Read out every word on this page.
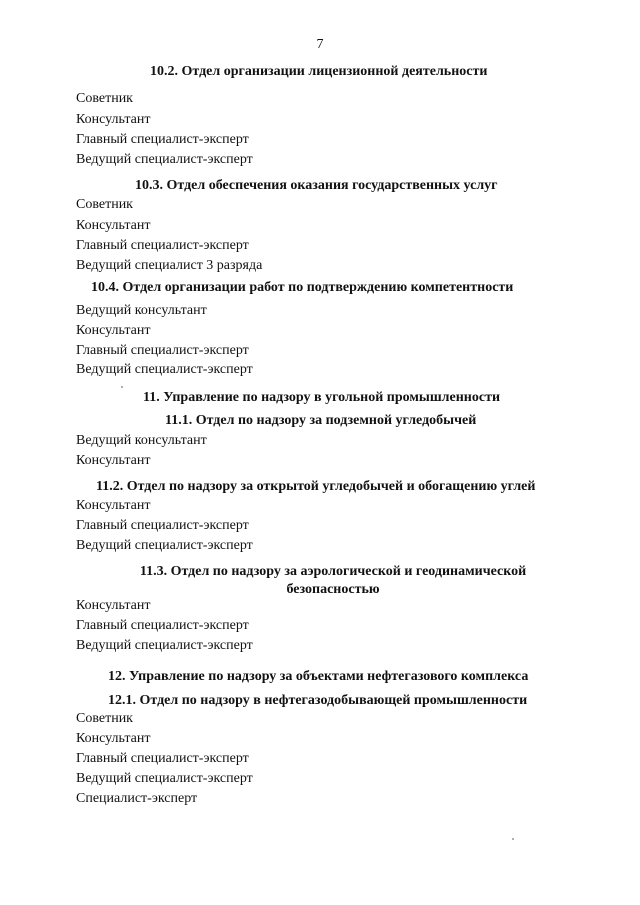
7
10.2. Отдел организации лицензионной деятельности
Советник
Консультант
Главный специалист-эксперт
Ведущий специалист-эксперт
10.3. Отдел обеспечения оказания государственных услуг
Советник
Консультант
Главный специалист-эксперт
Ведущий специалист 3 разряда
10.4. Отдел организации работ по подтверждению компетентности
Ведущий консультант
Консультант
Главный специалист-эксперт
Ведущий специалист-эксперт
11. Управление по надзору в угольной промышленности
11.1. Отдел по надзору за подземной угледобычей
Ведущий консультант
Консультант
11.2. Отдел по надзору за открытой угледобычей и обогащению углей
Консультант
Главный специалист-эксперт
Ведущий специалист-эксперт
11.3. Отдел по надзору за аэрологической и геодинамической безопасностью
Консультант
Главный специалист-эксперт
Ведущий специалист-эксперт
12. Управление по надзору за объектами нефтегазового комплекса
12.1. Отдел по надзору в нефтегазодобывающей промышленности
Советник
Консультант
Главный специалист-эксперт
Ведущий специалист-эксперт
Специалист-эксперт
